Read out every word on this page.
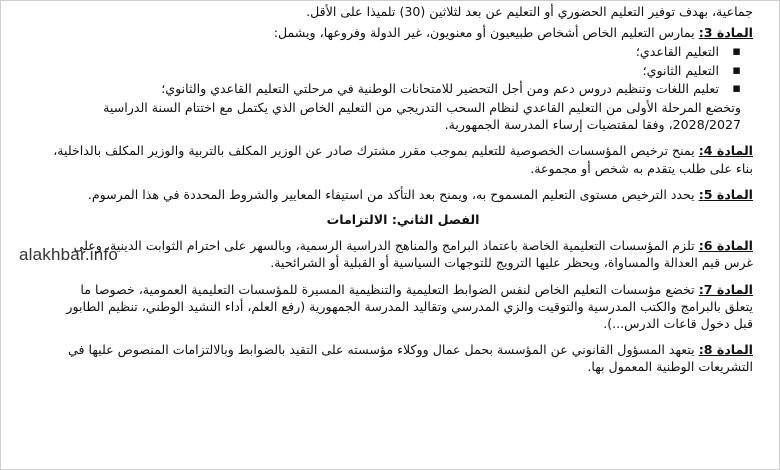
alakhbar.info

جماعية، بهدف توفير التعليم الحضوري أو التعليم عن بعد لثلاثين (30) تلميذا على الأقل.

المادة 3: يمارس التعليم الخاص أشخاص طبيعيون أو معنويون، غير الدولة وفروعها، ويشمل:

▪ التعليم القاعدي؛
▪ التعليم الثانوي؛
▪ تعليم اللغات وتنظيم دروس دعم ومن أجل التحضير للامتحانات الوطنية في مرحلتي التعليم القاعدي والثانوي؛

وتخضع المرحلة الأولى من التعليم القاعدي لنظام السحب التدريجي من التعليم الخاص الذي يكتمل مع اختتام السنة الدراسية 2028/2027، وفقا لمقتضيات إرساء المدرسة الجمهورية.

المادة 4: يمنح ترخيص المؤسسات الخصوصية للتعليم بموجب مقرر مشترك صادر عن الوزير المكلف بالتربية والوزير المكلف بالداخلية، بناء على طلب يتقدم به شخص أو مجموعة.

المادة 5: يحدد الترخيص مستوى التعليم المسموح به، ويمنح بعد التأكد من استيفاء المعايير والشروط المحددة في هذا المرسوم.

الفصل الثاني: الالتزامات

المادة 6: تلزم المؤسسات التعليمية الخاصة باعتماد البرامج والمناهج الدراسية الرسمية، وبالسهر على احترام الثوابت الدينية، وعلى غرس قيم العدالة والمساواة، ويحظر عليها الترويج للتوجهات السياسية أو القبلية أو الشرائحية.

المادة 7: تخضع مؤسسات التعليم الخاص لنفس الضوابط التعليمية والتنظيمية المسيرة للمؤسسات التعليمية العمومية، خصوصا ما يتعلق بالبرامج والكتب المدرسية والتوقيت والزي المدرسي وتقاليد المدرسة الجمهورية (رفع العلم، أداء النشيد الوطني، تنظيم الطابور قبل دخول قاعات الدرس...).

المادة 8: يتعهد المسؤول القانوني عن المؤسسة بحمل عمال ووكلاء مؤسسته على التقيد بالضوابط وبالالتزامات المنصوص عليها في التشريعات الوطنية المعمول بها.
